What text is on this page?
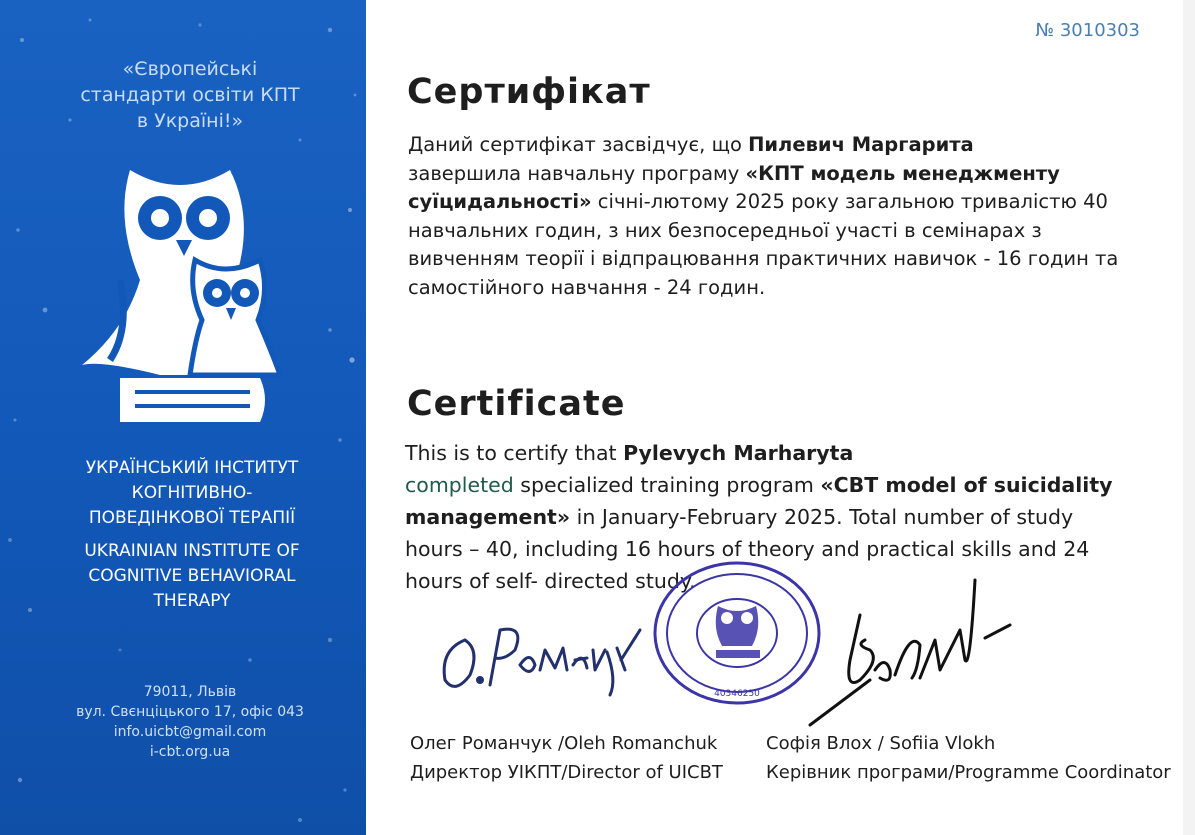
«Європейські
стандарти освіти КПТ
в Україні!»
УКРАЇНСЬКИЙ ІНСТИТУТ
КОГНІТИВНО-
ПОВЕДІНКОВОЇ ТЕРАПІЇ
UKRAINIAN INSTITUTE OF
COGNITIVE BEHAVIORAL
THERAPY
79011, Львів
вул. Свєнціцького 17, офіс 043
info.uicbt@gmail.com
i-cbt.org.ua
№ 3010303
Сертифікат
Даний сертифікат засвідчує, що Пилевич Маргарита
завершила навчальну програму «КПТ модель менеджменту суїцидальності» січні-лютому 2025 року загальною тривалістю 40 навчальних годин, з них безпосередньої участі в семінарах з вивченням теорії і відпрацювання практичних навичок - 16 годин та самостійного навчання - 24 годин.
Certificate
This is to certify that Pylevych Marharyta
completed specialized training program «CBT model of suicidality management» in January-February 2025. Total number of study hours – 40, including 16 hours of theory and practical skills and 24 hours of self- directed study.
40346250
Олег Романчук /Oleh Romanchuk
Директор УІКПТ/Director of UICBT
Софія Влох / Sofiia Vlokh
Керівник програми/Programme Coordinator
